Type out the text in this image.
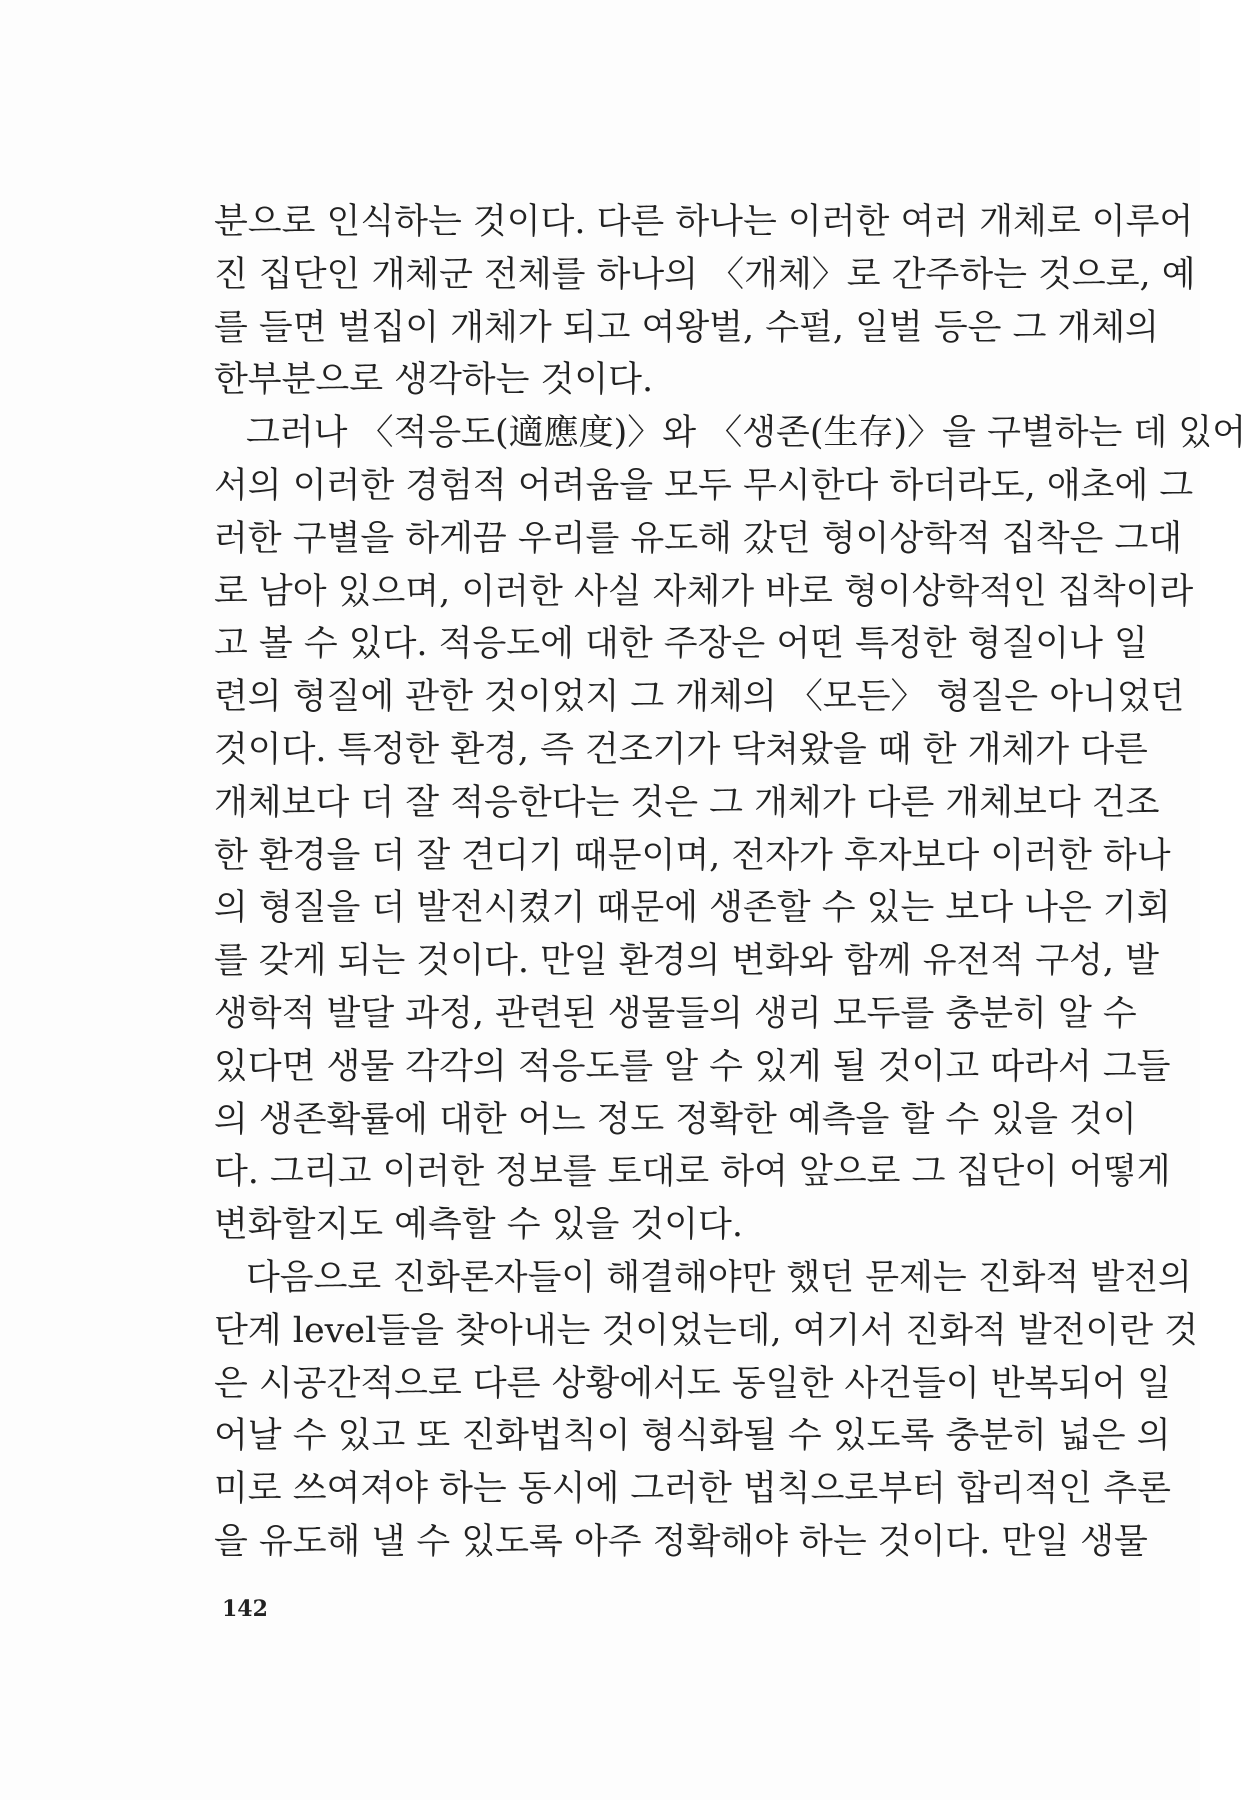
분으로 인식하는 것이다. 다른 하나는 이러한 여러 개체로 이루어
진 집단인 개체군 전체를 하나의 〈개체〉로 간주하는 것으로, 예
를 들면 벌집이 개체가 되고 여왕벌, 수펄, 일벌 등은 그 개체의
한부분으로 생각하는 것이다.
그러나 〈적응도(適應度)〉와 〈생존(生存)〉을 구별하는 데 있어
서의 이러한 경험적 어려움을 모두 무시한다 하더라도, 애초에 그
러한 구별을 하게끔 우리를 유도해 갔던 형이상학적 집착은 그대
로 남아 있으며, 이러한 사실 자체가 바로 형이상학적인 집착이라
고 볼 수 있다. 적응도에 대한 주장은 어떤 특정한 형질이나 일
련의 형질에 관한 것이었지 그 개체의 〈모든〉 형질은 아니었던
것이다. 특정한 환경, 즉 건조기가 닥쳐왔을 때 한 개체가 다른
개체보다 더 잘 적응한다는 것은 그 개체가 다른 개체보다 건조
한 환경을 더 잘 견디기 때문이며, 전자가 후자보다 이러한 하나
의 형질을 더 발전시켰기 때문에 생존할 수 있는 보다 나은 기회
를 갖게 되는 것이다. 만일 환경의 변화와 함께 유전적 구성, 발
생학적 발달 과정, 관련된 생물들의 생리 모두를 충분히 알 수
있다면 생물 각각의 적응도를 알 수 있게 될 것이고 따라서 그들
의 생존확률에 대한 어느 정도 정확한 예측을 할 수 있을 것이
다. 그리고 이러한 정보를 토대로 하여 앞으로 그 집단이 어떻게
변화할지도 예측할 수 있을 것이다.
다음으로 진화론자들이 해결해야만 했던 문제는 진화적 발전의
단계 level들을 찾아내는 것이었는데, 여기서 진화적 발전이란 것
은 시공간적으로 다른 상황에서도 동일한 사건들이 반복되어 일
어날 수 있고 또 진화법칙이 형식화될 수 있도록 충분히 넓은 의
미로 쓰여져야 하는 동시에 그러한 법칙으로부터 합리적인 추론
을 유도해 낼 수 있도록 아주 정확해야 하는 것이다. 만일 생물
142
